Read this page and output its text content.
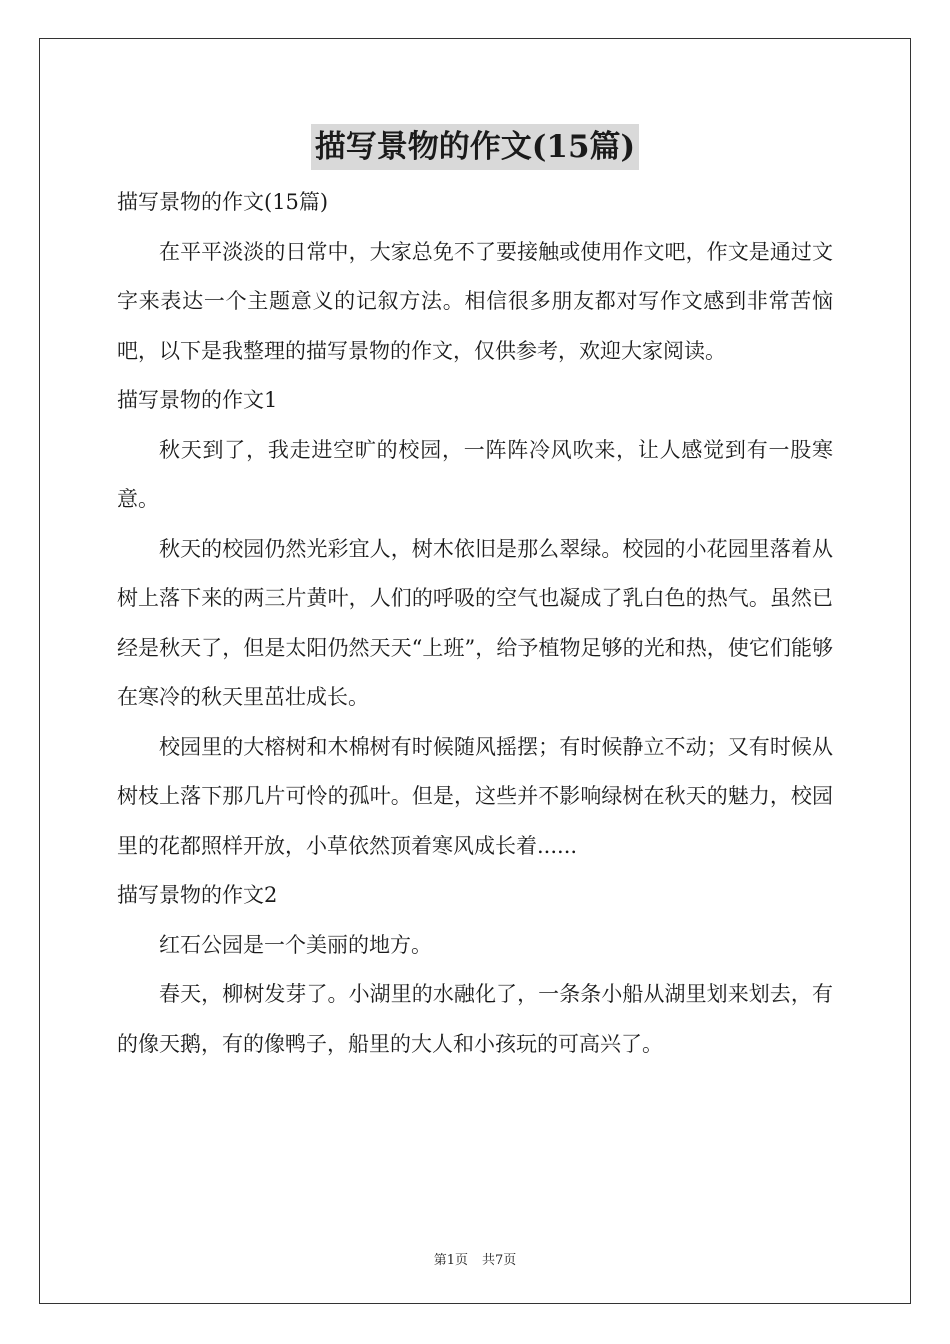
描写景物的作文(15篇)

描写景物的作文(15篇)

在平平淡淡的日常中，大家总免不了要接触或使用作文吧，作文是通过文字来表达一个主题意义的记叙方法。相信很多朋友都对写作文感到非常苦恼吧，以下是我整理的描写景物的作文，仅供参考，欢迎大家阅读。

描写景物的作文1

秋天到了，我走进空旷的校园，一阵阵冷风吹来，让人感觉到有一股寒意。

秋天的校园仍然光彩宜人，树木依旧是那么翠绿。校园的小花园里落着从树上落下来的两三片黄叶，人们的呼吸的空气也凝成了乳白色的热气。虽然已经是秋天了，但是太阳仍然天天“上班”，给予植物足够的光和热，使它们能够在寒冷的秋天里茁壮成长。

校园里的大榕树和木棉树有时候随风摇摆；有时候静立不动；又有时候从树枝上落下那几片可怜的孤叶。但是，这些并不影响绿树在秋天的魅力，校园里的花都照样开放，小草依然顶着寒风成长着......

描写景物的作文2

红石公园是一个美丽的地方。

春天，柳树发芽了。小湖里的水融化了，一条条小船从湖里划来划去，有的像天鹅，有的像鸭子，船里的大人和小孩玩的可高兴了。

第1页 共7页
